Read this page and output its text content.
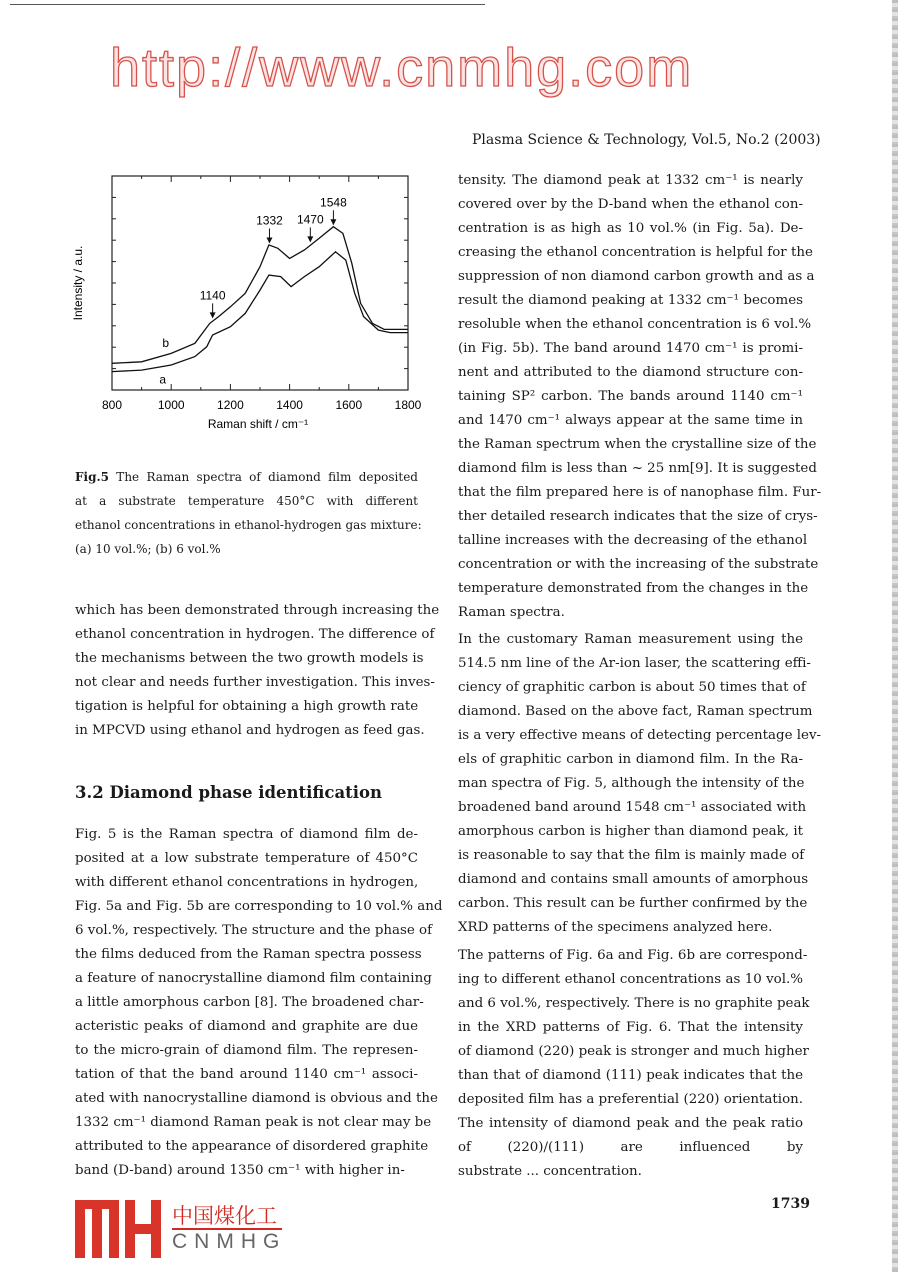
Plasma Science & Technology, Vol.5, No.2 (2003)
1140
1332 1470
1548
800	1000	1200	1400	1600	1800
Raman shift / cm⁻¹
Intensity / a.u.
a
b
Fig.5 The Raman spectra of diamond film deposited
at a substrate temperature 450°C with different
ethanol concentrations in ethanol-hydrogen gas mixture:
(a) 10 vol.%; (b) 6 vol.%
which has been demonstrated through increasing the
ethanol concentration in hydrogen. The difference of
the mechanisms between the two growth models is
not clear and needs further investigation. This inves-
tigation is helpful for obtaining a high growth rate
in MPCVD using ethanol and hydrogen as feed gas.
3.2 Diamond phase identification
Fig. 5 is the Raman spectra of diamond film de-
posited at a low substrate temperature of 450°C
with different ethanol concentrations in hydrogen,
Fig. 5a and Fig. 5b are corresponding to 10 vol.% and
6 vol.%, respectively. The structure and the phase of
the films deduced from the Raman spectra possess
a feature of nanocrystalline diamond film containing
a little amorphous carbon [8]. The broadened char-
acteristic peaks of diamond and graphite are due
to the micro-grain of diamond film. The represen-
tation of that the band around 1140 cm⁻¹ associ-
ated with nanocrystalline diamond is obvious and the
1332 cm⁻¹ diamond Raman peak is not clear may be
attributed to the appearance of disordered graphite
band (D-band) around 1350 cm⁻¹ with higher in-
tensity. The diamond peak at 1332 cm⁻¹ is nearly
covered over by the D-band when the ethanol con-
centration is as high as 10 vol.% (in Fig. 5a). De-
creasing the ethanol concentration is helpful for the
suppression of non diamond carbon growth and as a
result the diamond peaking at 1332 cm⁻¹ becomes
resoluble when the ethanol concentration is 6 vol.%
(in Fig. 5b). The band around 1470 cm⁻¹ is promi-
nent and attributed to the diamond structure con-
taining SP² carbon. The bands around 1140 cm⁻¹
and 1470 cm⁻¹ always appear at the same time in
the Raman spectrum when the crystalline size of the
diamond film is less than ~ 25 nm[9]. It is suggested
that the film prepared here is of nanophase film. Fur-
ther detailed research indicates that the size of crys-
talline increases with the decreasing of the ethanol
concentration or with the increasing of the substrate
temperature demonstrated from the changes in the
Raman spectra.
In the customary Raman measurement using the
514.5 nm line of the Ar-ion laser, the scattering effi-
ciency of graphitic carbon is about 50 times that of
diamond. Based on the above fact, Raman spectrum
is a very effective means of detecting percentage lev-
els of graphitic carbon in diamond film. In the Ra-
man spectra of Fig. 5, although the intensity of the
broadened band around 1548 cm⁻¹ associated with
amorphous carbon is higher than diamond peak, it
is reasonable to say that the film is mainly made of
diamond and contains small amounts of amorphous
carbon. This result can be further confirmed by the
XRD patterns of the specimens analyzed here.
The patterns of Fig. 6a and Fig. 6b are correspond-
ing to different ethanol concentrations as 10 vol.%
and 6 vol.%, respectively. There is no graphite peak
in the XRD patterns of Fig. 6. That the intensity
of diamond (220) peak is stronger and much higher
than that of diamond (111) peak indicates that the
deposited film has a preferential (220) orientation.
The intensity of diamond peak and the peak ratio
of (220)/(111) are influenced by
substrate ... concentration.
1739
http://www.cnmhg.com
中国煤化工
CNMHG
